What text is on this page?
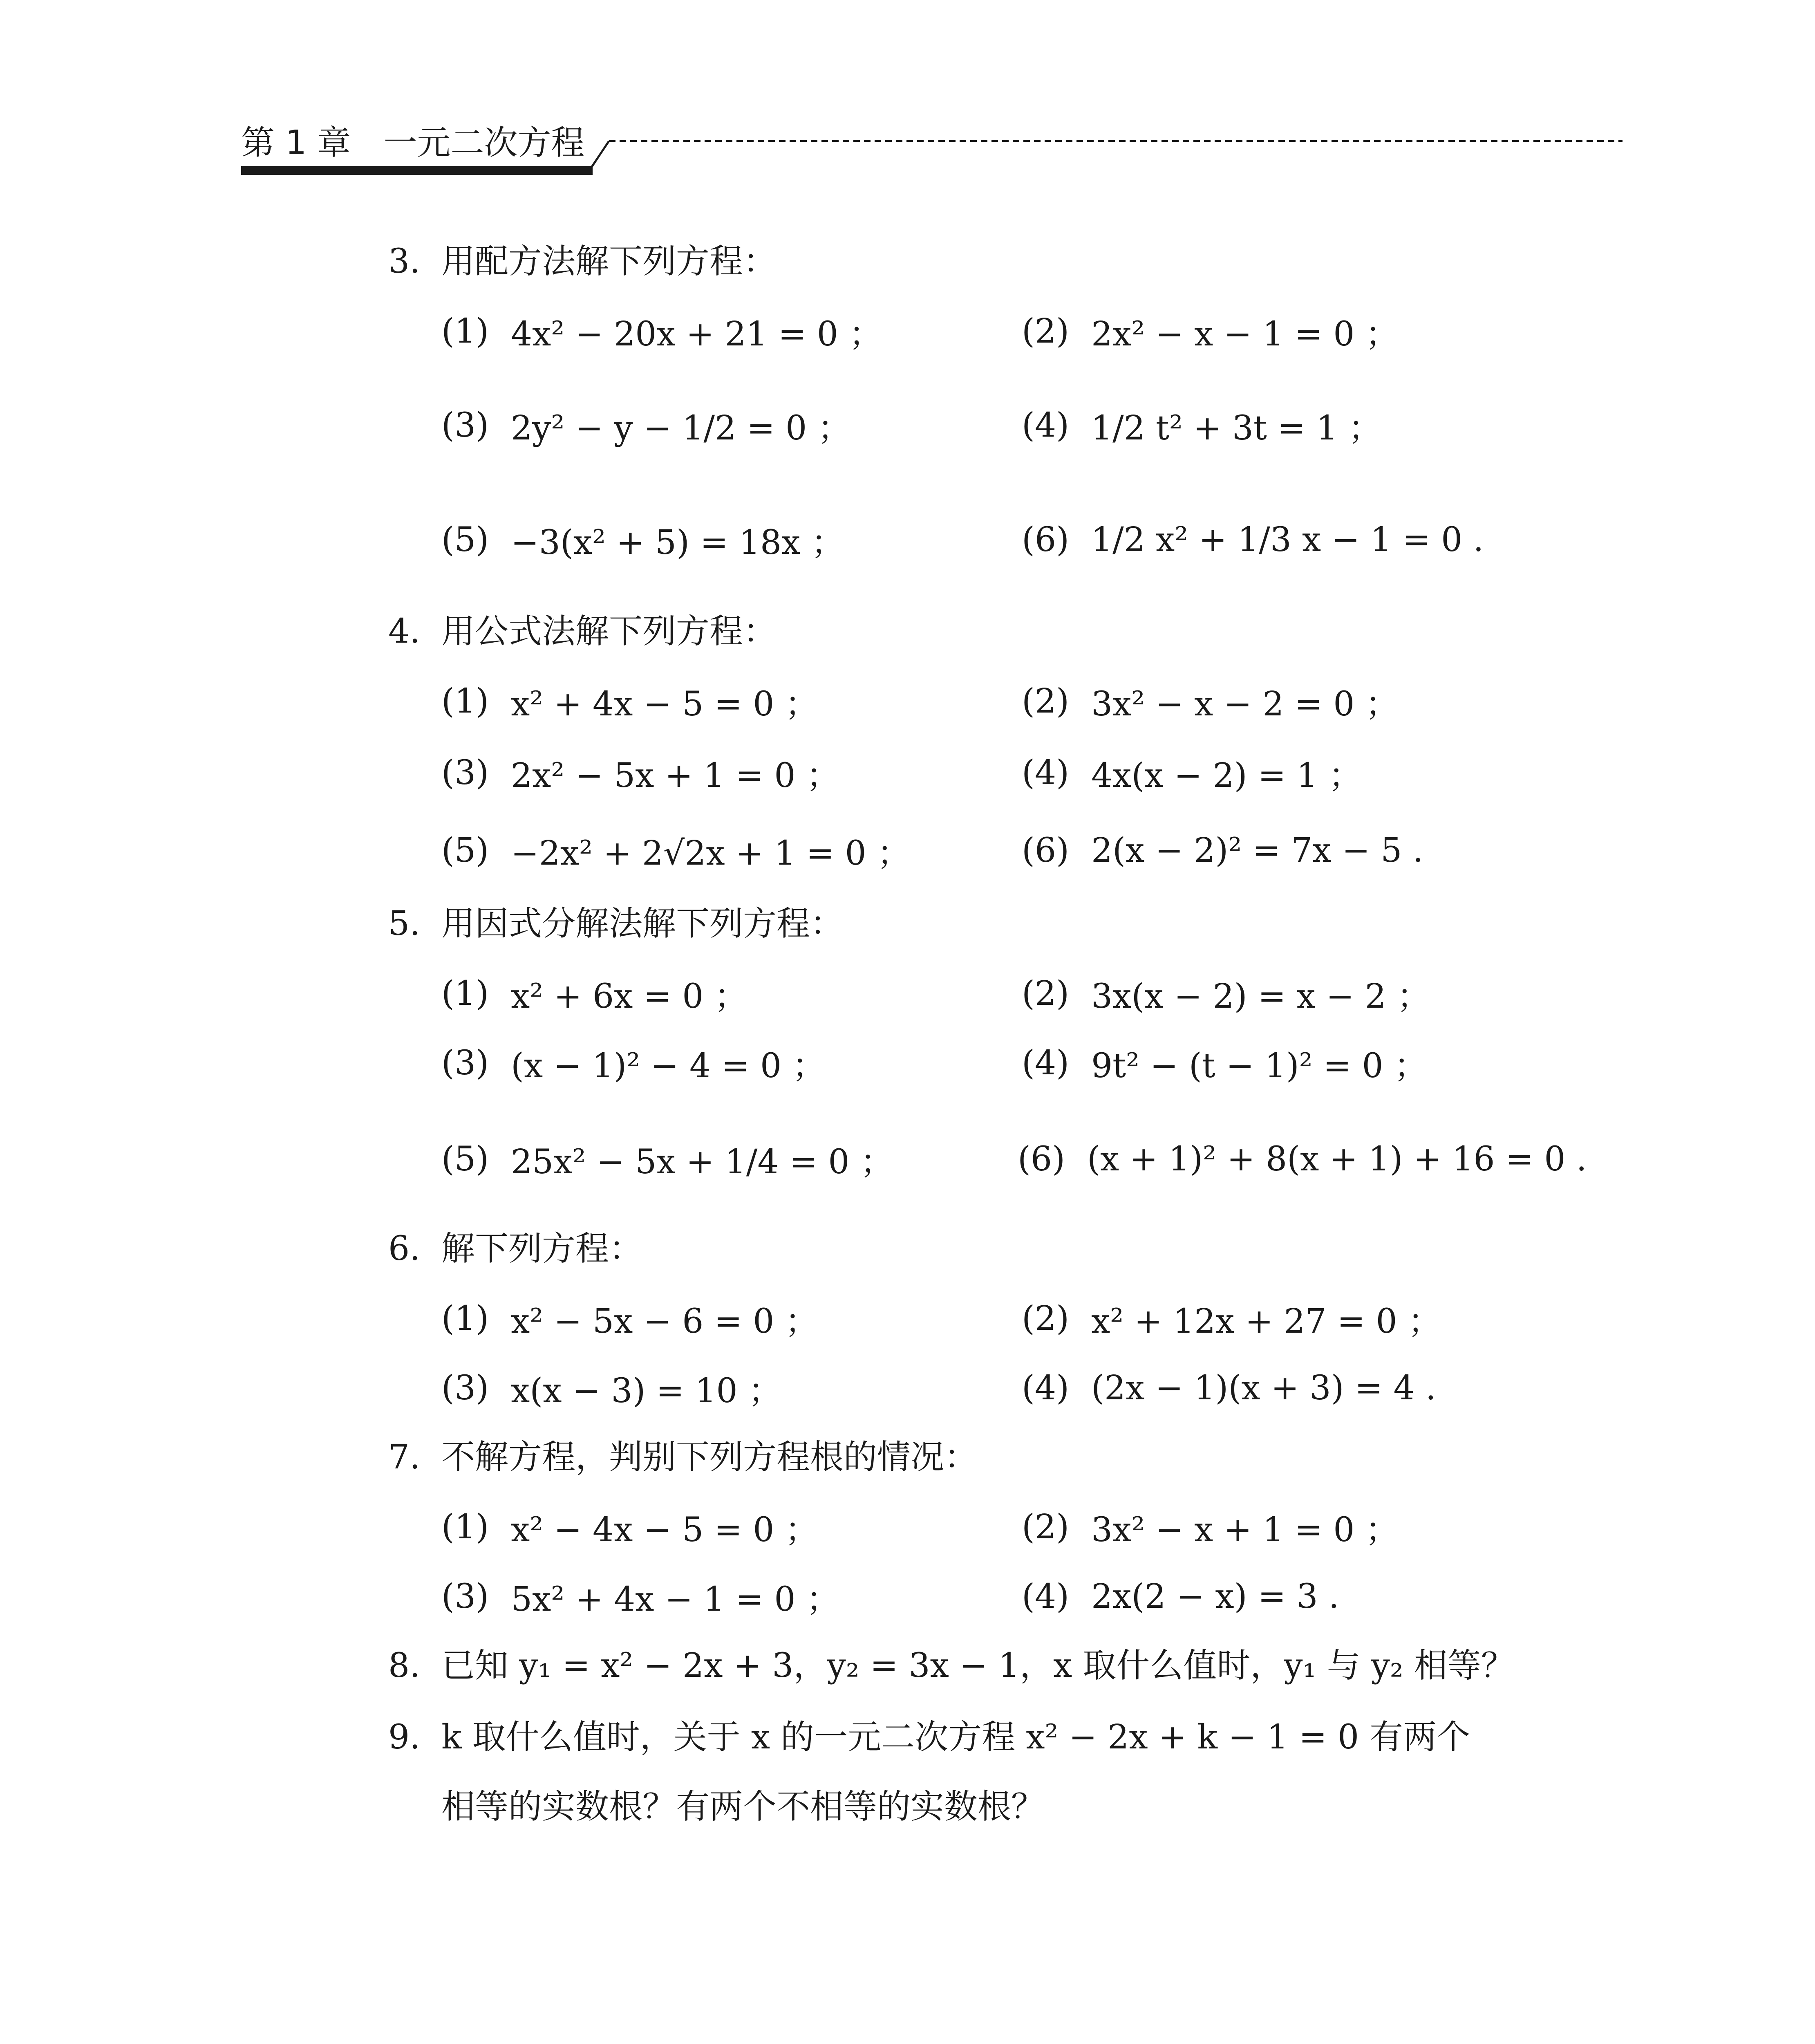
第 1 章 一元二次方程
3. 用配方法解下列方程：
(1) 4x² − 20x + 21 = 0 ；	(2) 2x² − x − 1 = 0 ；
(3) 2y² − y − 1/2 = 0 ；	(4) 1/2 t² + 3t = 1 ；
(5) −3(x² + 5) = 18x ；	(6) 1/2 x² + 1/3 x − 1 = 0 .
4. 用公式法解下列方程：
(1) x² + 4x − 5 = 0 ；	(2) 3x² − x − 2 = 0 ；
(3) 2x² − 5x + 1 = 0 ；	(4) 4x(x − 2) = 1 ；
(5) −2x² + 2√2x + 1 = 0 ；	(6) 2(x − 2)² = 7x − 5 .
5. 用因式分解法解下列方程：
(1) x² + 6x = 0 ；	(2) 3x(x − 2) = x − 2 ；
(3) (x − 1)² − 4 = 0 ；	(4) 9t² − (t − 1)² = 0 ；
(5) 25x² − 5x + 1/4 = 0 ；	(6) (x + 1)² + 8(x + 1) + 16 = 0 .
6. 解下列方程：
(1) x² − 5x − 6 = 0 ；	(2) x² + 12x + 27 = 0 ；
(3) x(x − 3) = 10 ；	(4) (2x − 1)(x + 3) = 4 .
7. 不解方程，判别下列方程根的情况：
(1) x² − 4x − 5 = 0 ；	(2) 3x² − x + 1 = 0 ；
(3) 5x² + 4x − 1 = 0 ；	(4) 2x(2 − x) = 3 .
8. 已知 y₁ = x² − 2x + 3，y₂ = 3x − 1，x 取什么值时，y₁ 与 y₂ 相等？
9. k 取什么值时，关于 x 的一元二次方程 x² − 2x + k − 1 = 0 有两个
相等的实数根？有两个不相等的实数根？
